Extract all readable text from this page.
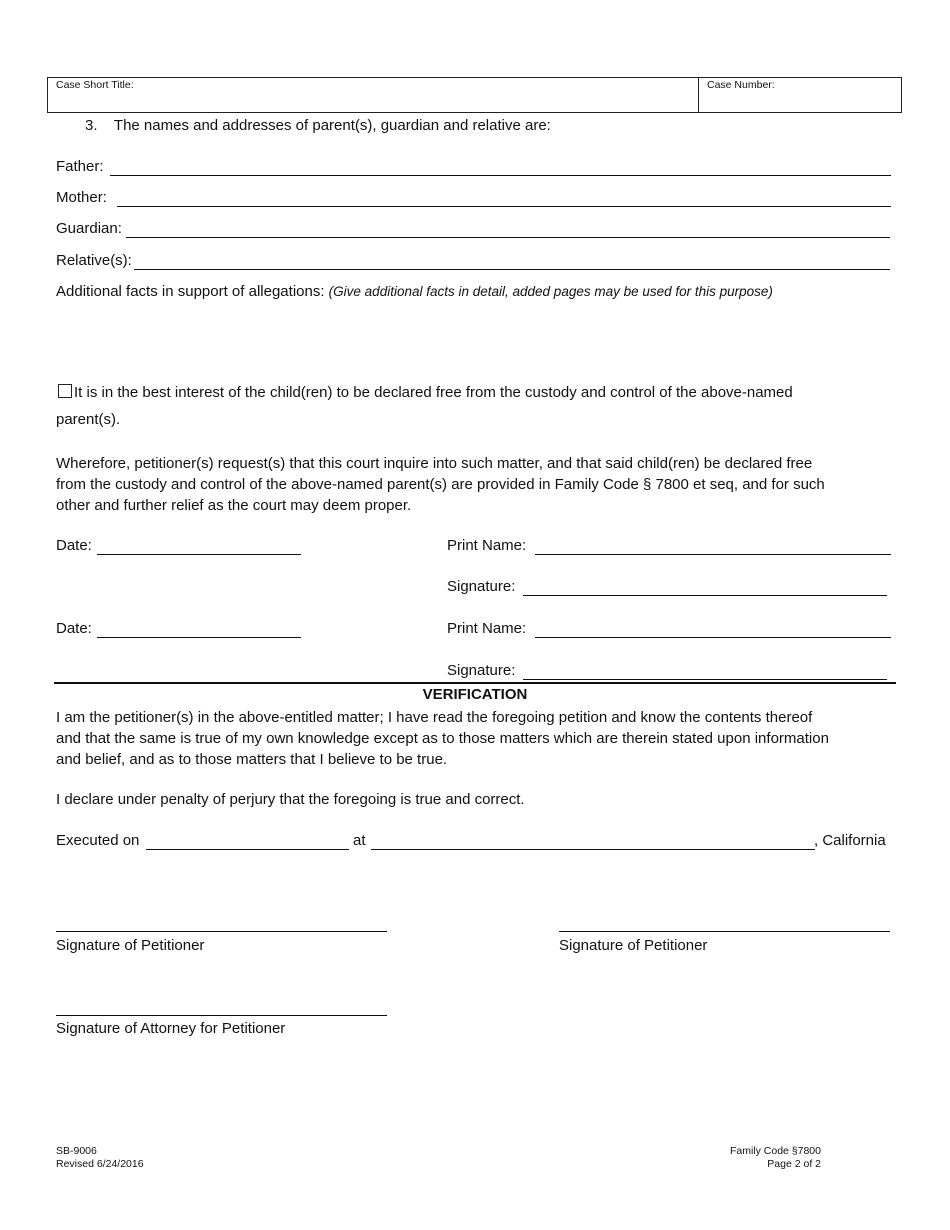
Case Short Title:	Case Number:
3.    The names and addresses of parent(s), guardian and relative are:
Father:
Mother:
Guardian:
Relative(s):
Additional facts in support of allegations: (Give additional facts in detail, added pages may be used for this purpose)
It is in the best interest of the child(ren) to be declared free from the custody and control of the above-named
parent(s).
Wherefore, petitioner(s) request(s) that this court inquire into such matter, and that said child(ren) be declared free
from the custody and control of the above-named parent(s) are provided in Family Code § 7800 et seq, and for such
other and further relief as the court may deem proper.
Date:	Print Name:
Signature:
Date:	Print Name:
Signature:
VERIFICATION
I am the petitioner(s) in the above-entitled matter; I have read the foregoing petition and know the contents thereof
and that the same is true of my own knowledge except as to those matters which are therein stated upon information
and belief, and as to those matters that I believe to be true.
I declare under penalty of perjury that the foregoing is true and correct.
Executed on	at	, California
Signature of Petitioner	Signature of Petitioner
Signature of Attorney for Petitioner
SB-9006
Revised 6/24/2016
Family Code §7800
Page 2 of 2
